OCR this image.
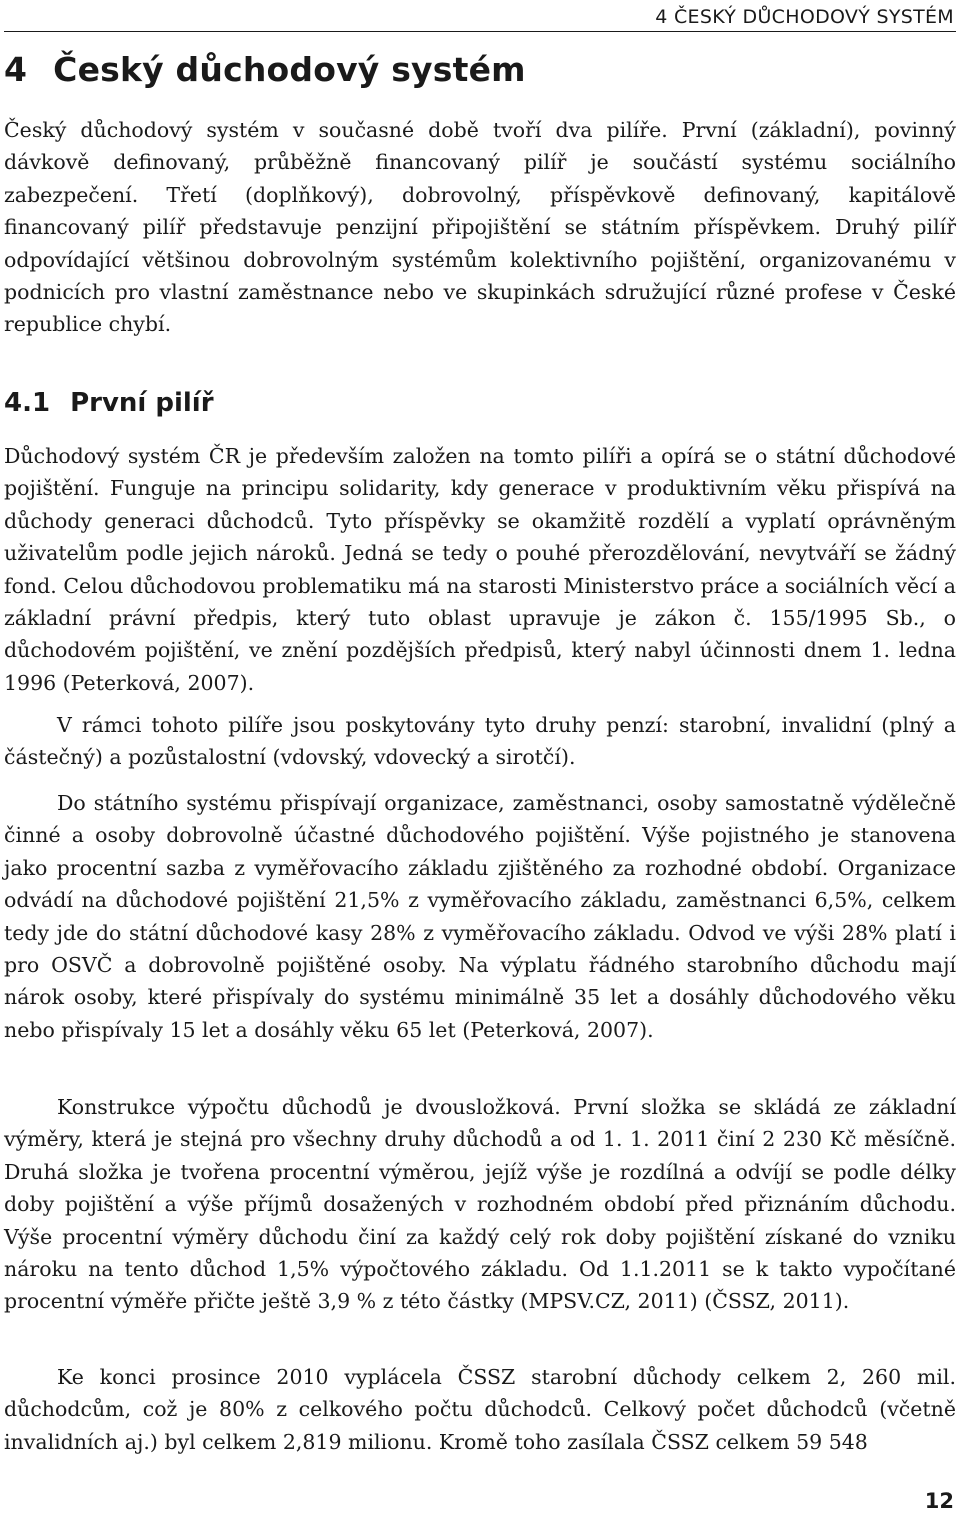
4 ČESKÝ DŮCHODOVÝ SYSTÉM
4 Český důchodový systém

Český důchodový systém v současné době tvoří dva pilíře. První (základní), povinný dávkově definovaný, průběžně financovaný pilíř je součástí systému sociálního zabezpečení. Třetí (doplňkový), dobrovolný, příspěvkově definovaný, kapitálově financovaný pilíř představuje penzijní připojištění se státním příspěvkem. Druhý pilíř odpovídající většinou dobrovolným systémům kolektivního pojištění, organizovanému v podnicích pro vlastní zaměstnance nebo ve skupinkách sdružující různé profese v České republice chybí.

4.1 První pilíř

Důchodový systém ČR je především založen na tomto pilíři a opírá se o státní důchodové pojištění. Funguje na principu solidarity, kdy generace v produktivním věku přispívá na důchody generaci důchodců. Tyto příspěvky se okamžitě rozdělí a vyplatí oprávněným uživatelům podle jejich nároků. Jedná se tedy o pouhé přerozdělování, nevytváří se žádný fond. Celou důchodovou problematiku má na starosti Ministerstvo práce a sociálních věcí a základní právní předpis, který tuto oblast upravuje je zákon č. 155/1995 Sb., o důchodovém pojištění, ve znění pozdějších předpisů, který nabyl účinnosti dnem 1. ledna 1996 (Peterková, 2007).

V rámci tohoto pilíře jsou poskytovány tyto druhy penzí: starobní, invalidní (plný a částečný) a pozůstalostní (vdovský, vdovecký a sirotčí).

Do státního systému přispívají organizace, zaměstnanci, osoby samostatně výdělečně činné a osoby dobrovolně účastné důchodového pojištění. Výše pojistného je stanovena jako procentní sazba z vyměřovacího základu zjištěného za rozhodné období. Organizace odvádí na důchodové pojištění 21,5% z vyměřovacího základu, zaměstnanci 6,5%, celkem tedy jde do státní důchodové kasy 28% z vyměřovacího základu. Odvod ve výši 28% platí i pro OSVČ a dobrovolně pojištěné osoby. Na výplatu řádného starobního důchodu mají nárok osoby, které přispívaly do systému minimálně 35 let a dosáhly důchodového věku nebo přispívaly 15 let a dosáhly věku 65 let (Peterková, 2007).

Konstrukce výpočtu důchodů je dvousložková. První složka se skládá ze základní výměry, která je stejná pro všechny druhy důchodů a od 1. 1. 2011 činí 2 230 Kč měsíčně. Druhá složka je tvořena procentní výměrou, jejíž výše je rozdílná a odvíjí se podle délky doby pojištění a výše příjmů dosažených v rozhodném období před přiznáním důchodu. Výše procentní výměry důchodu činí za každý celý rok doby pojištění získané do vzniku nároku na tento důchod 1,5% výpočtového základu. Od 1.1.2011 se k takto vypočítané procentní výměře přičte ještě 3,9 % z této částky (MPSV.CZ, 2011) (ČSSZ, 2011).

Ke konci prosince 2010 vyplácela ČSSZ starobní důchody celkem 2, 260 mil. důchodcům, což je 80% z celkového počtu důchodců. Celkový počet důchodců (včetně invalidních aj.) byl celkem 2,819 milionu. Kromě toho zasílala ČSSZ celkem 59 548

12
